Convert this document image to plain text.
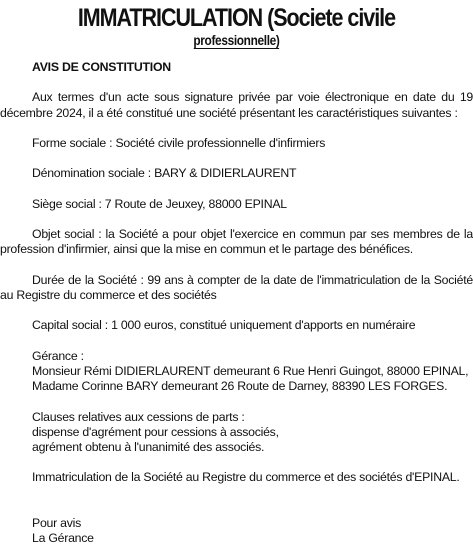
IMMATRICULATION (Societe civile
professionnelle)

AVIS DE CONSTITUTION

Aux termes d'un acte sous signature privée par voie électronique en date du 19 décembre 2024, il a été constitué une société présentant les caractéristiques suivantes :

Forme sociale : Société civile professionnelle d'infirmiers

Dénomination sociale : BARY & DIDIERLAURENT

Siège social : 7 Route de Jeuxey, 88000 EPINAL

Objet social : la Société a pour objet l'exercice en commun par ses membres de la profession d'infirmier, ainsi que la mise en commun et le partage des bénéfices.

Durée de la Société : 99 ans à compter de la date de l'immatriculation de la Société au Registre du commerce et des sociétés

Capital social : 1 000 euros, constitué uniquement d'apports en numéraire

Gérance :
Monsieur Rémi DIDIERLAURENT demeurant 6 Rue Henri Guingot, 88000 EPINAL,
Madame Corinne BARY demeurant 26 Route de Darney, 88390 LES FORGES.
Clauses relatives aux cessions de parts :
dispense d'agrément pour cessions à associés,
agrément obtenu à l'unanimité des associés.

Immatriculation de la Société au Registre du commerce et des sociétés d'EPINAL.

Pour avis
La Gérance
